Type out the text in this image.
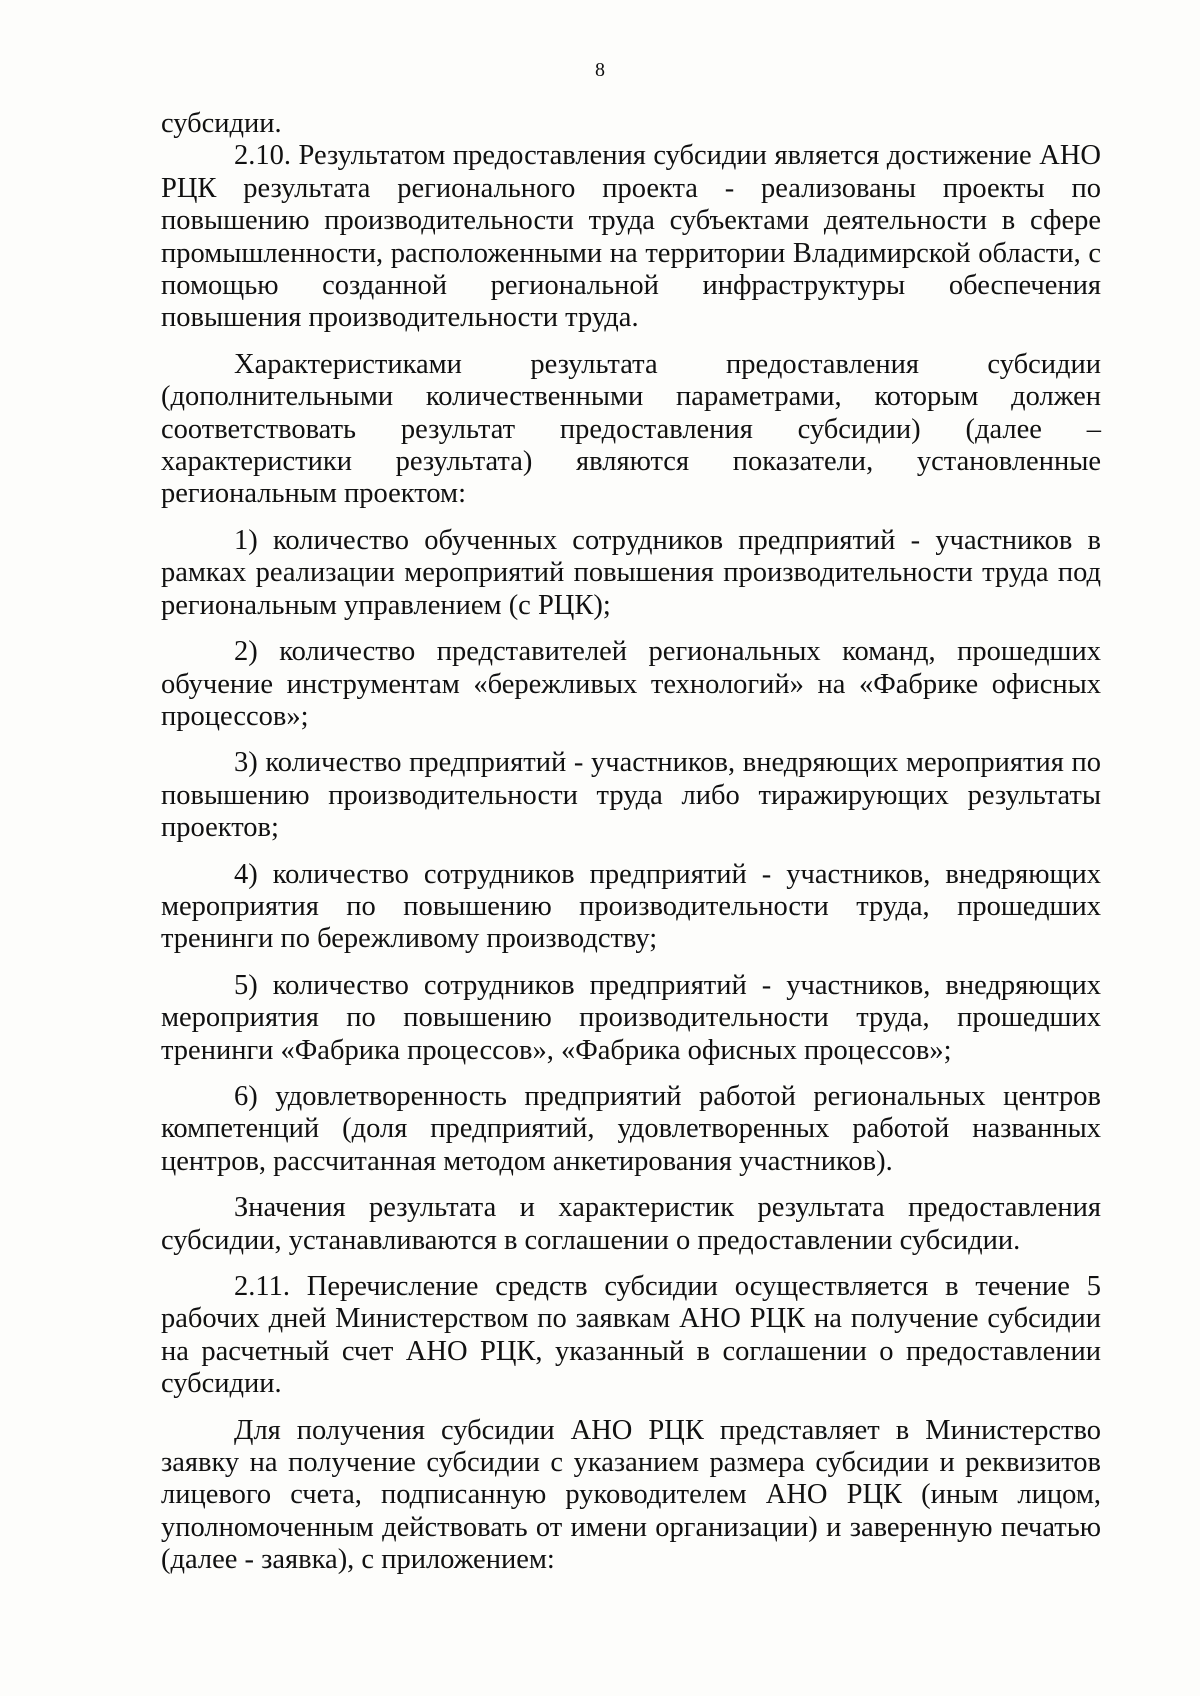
8

субсидии.

2.10. Результатом предоставления субсидии является достижение АНО РЦК результата регионального проекта - реализованы проекты по повышению производительности труда субъектами деятельности в сфере промышленности, расположенными на территории Владимирской области, с помощью созданной региональной инфраструктуры обеспечения повышения производительности труда.

Характеристиками результата предоставления субсидии (дополнительными количественными параметрами, которым должен соответствовать результат предоставления субсидии) (далее – характеристики результата) являются показатели, установленные региональным проектом:

1) количество обученных сотрудников предприятий - участников в рамках реализации мероприятий повышения производительности труда под региональным управлением (с РЦК);

2) количество представителей региональных команд, прошедших обучение инструментам «бережливых технологий» на «Фабрике офисных процессов»;

3) количество предприятий - участников, внедряющих мероприятия по повышению производительности труда либо тиражирующих результаты проектов;

4) количество сотрудников предприятий - участников, внедряющих мероприятия по повышению производительности труда, прошедших тренинги по бережливому производству;

5) количество сотрудников предприятий - участников, внедряющих мероприятия по повышению производительности труда, прошедших тренинги «Фабрика процессов», «Фабрика офисных процессов»;

6) удовлетворенность предприятий работой региональных центров компетенций (доля предприятий, удовлетворенных работой названных центров, рассчитанная методом анкетирования участников).

Значения результата и характеристик результата предоставления субсидии, устанавливаются в соглашении о предоставлении субсидии.

2.11. Перечисление средств субсидии осуществляется в течение 5 рабочих дней Министерством по заявкам АНО РЦК на получение субсидии на расчетный счет АНО РЦК, указанный в соглашении о предоставлении субсидии.

Для получения субсидии АНО РЦК представляет в Министерство заявку на получение субсидии с указанием размера субсидии и реквизитов лицевого счета, подписанную руководителем АНО РЦК (иным лицом, уполномоченным действовать от имени организации) и заверенную печатью (далее - заявка), с приложением:
